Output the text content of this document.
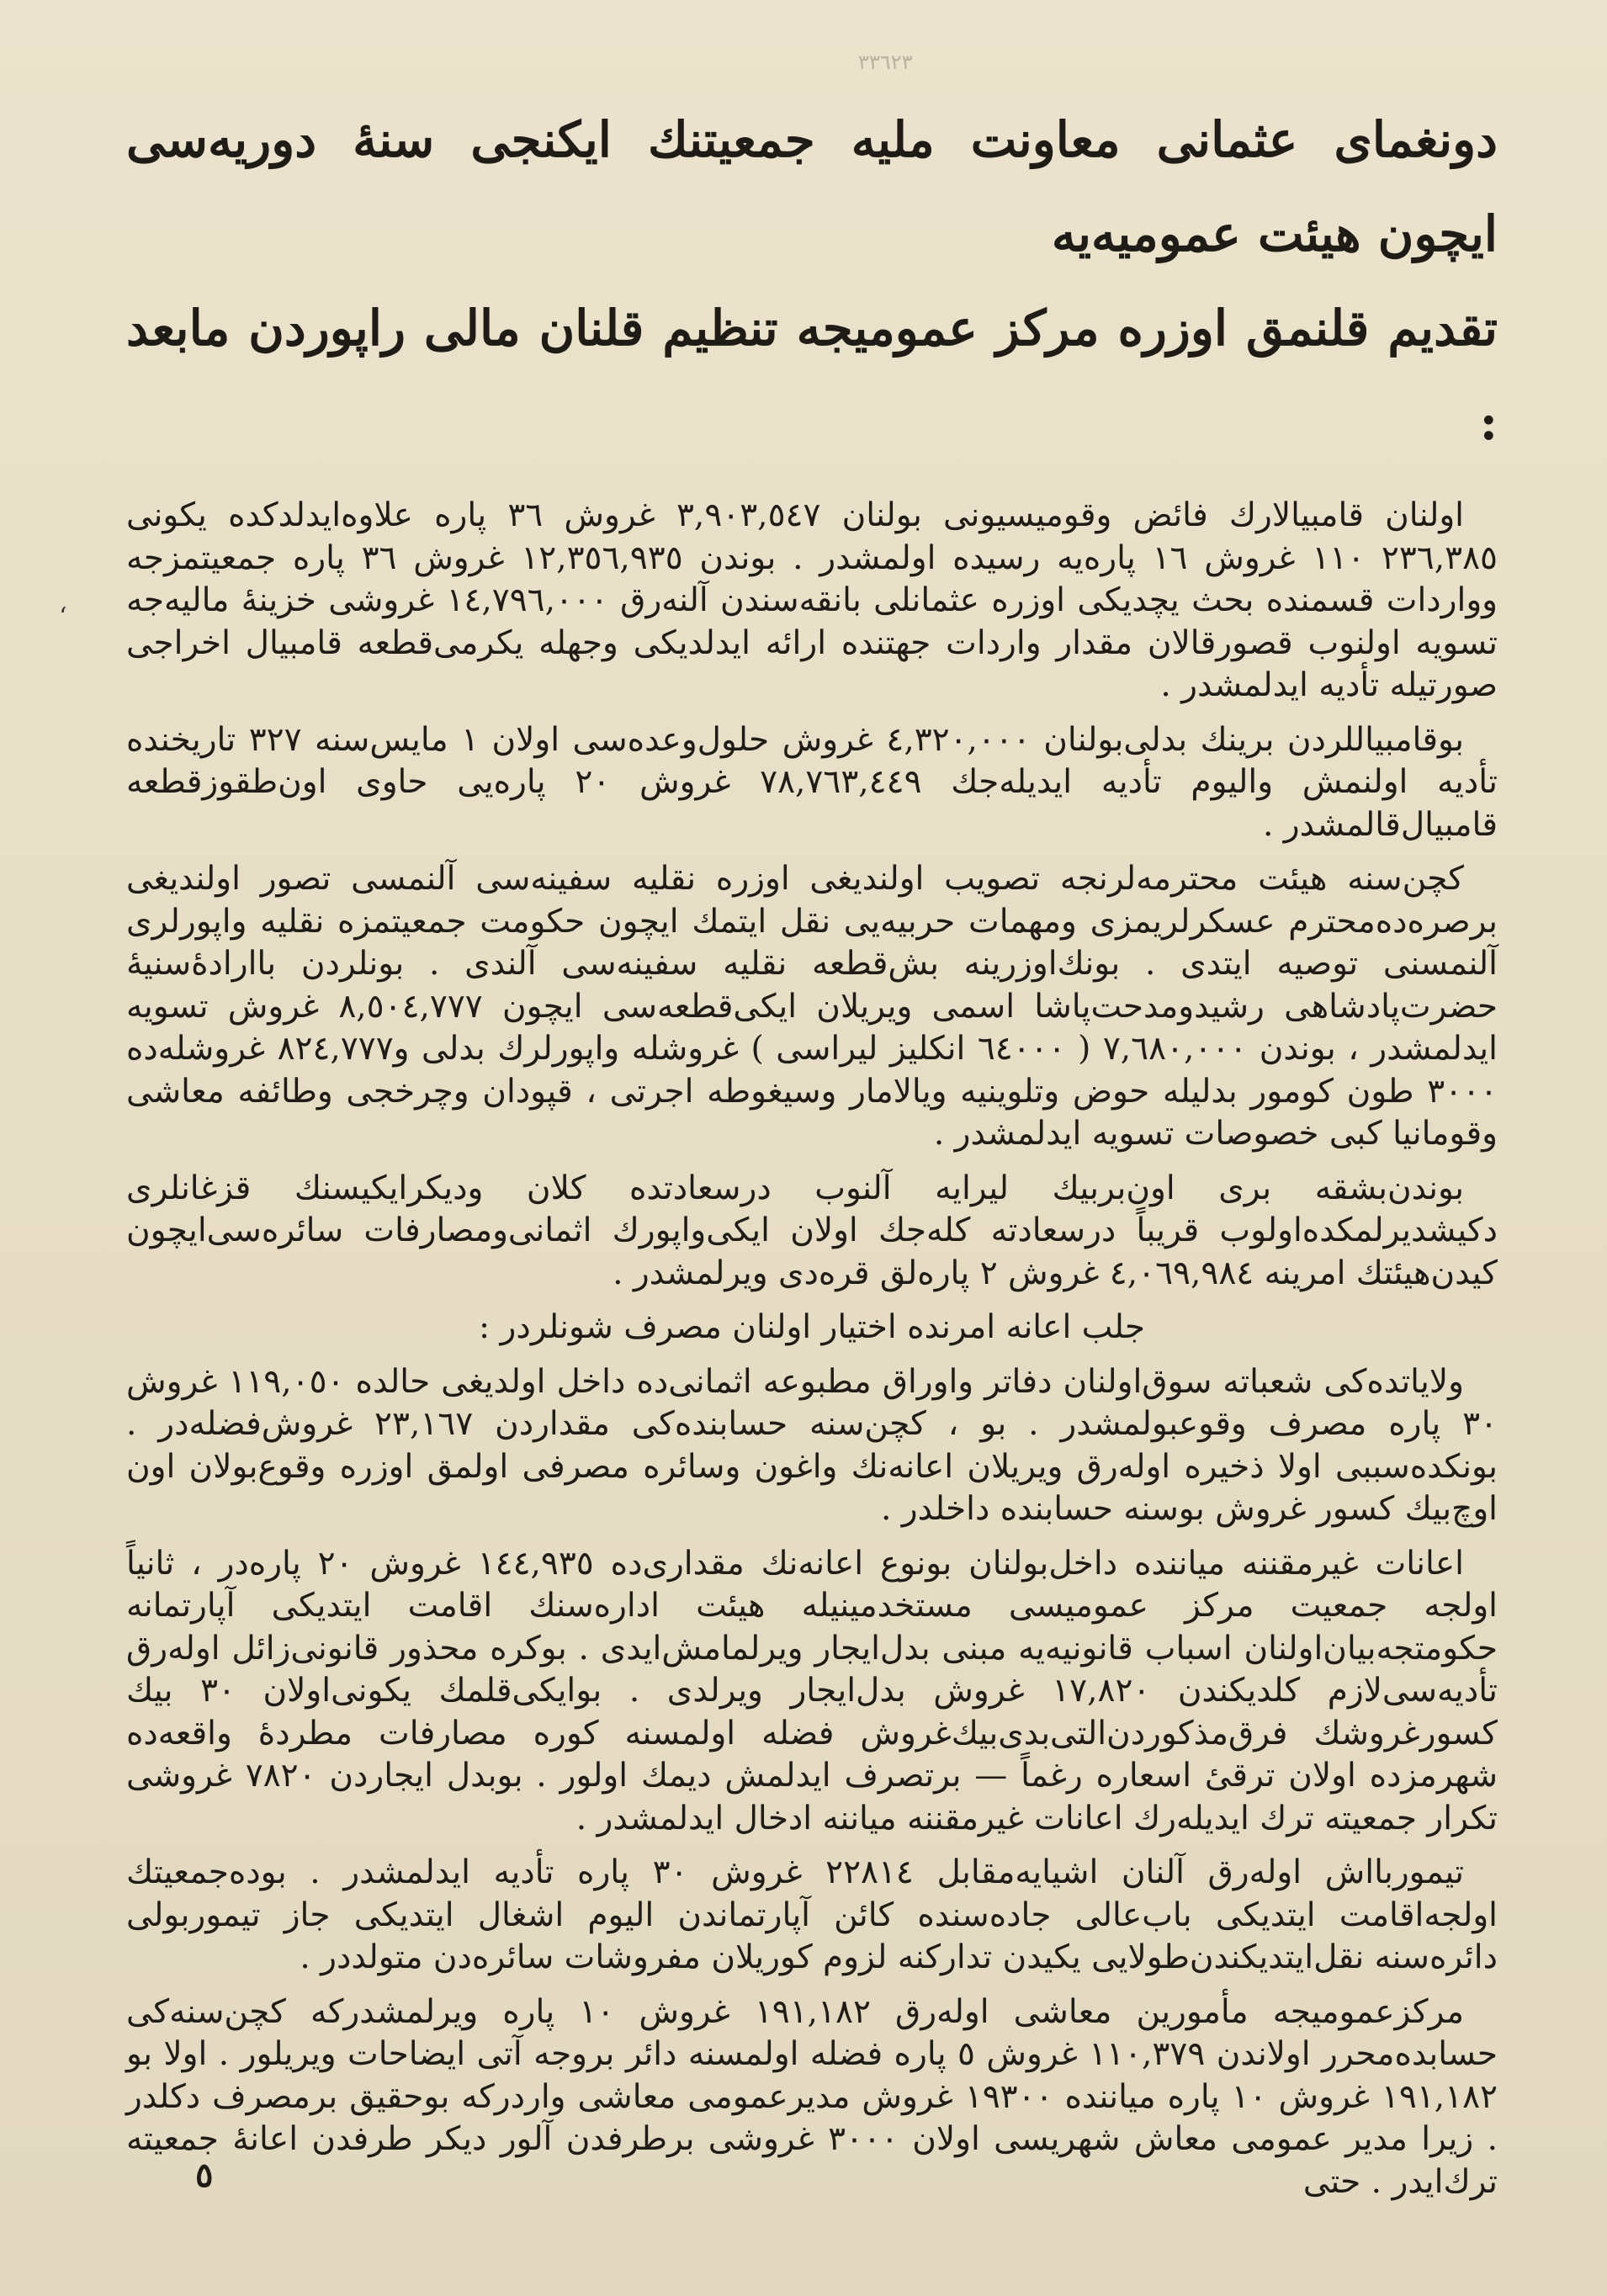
٣٣٦٢٣
دونغمای عثمانی معاونت ملیه جمعیتنك ایكنجی سنهٔ دوریه‌سی ایچون هیئت عمومیه‌یه
تقدیم قلنمق اوزره مرکز عمومیجه تنظیم قلنان مالی راپوردن مابعد :

اولنان قامبیالارك فائض وقومیسیونی بولنان ٣,٩٠٣,٥٤٧ غروش ٣٦ پاره علاوه‌ایدلدكده یکونی ٢٣٦,٣٨٥ ١١٠ غروش ١٦ پاره‌یه رسیده اولمشدر . بوندن ١٢,٣٥٦,٩٣٥ غروش ٣٦ پاره جمعیتمزجه وواردات قسمنده بحث یچدیکی اوزره عثمانلی بانقه‌سندن آلنه‌رق ١٤,٧٩٦,٠٠٠ غروشی خزینهٔ مالیه‌جه تسویه اولنوب قصورقالان مقدار واردات جهتنده ارائه ایدلدیکی وجهله یکرمی‌قطعه قامبیال اخراجی صورتیله تأدیه ایدلمشدر .

بوقامبیاللردن برینك بدلی‌بولنان ٤,٣٢٠,٠٠٠ غروش حلول‌وعده‌سی اولان ١ مایس‌سنه ٣٢٧ تاریخنده تأدیه اولنمش والیوم تأدیه ایدیله‌جك ٧٨,٧٦٣,٤٤٩ غروش ٢٠ پاره‌یی حاوی اون‌طقوزقطعه قامبیال‌قالمشدر .

کچن‌سنه هیئت محترمه‌لرنجه تصویب اولندیغی اوزره نقلیه سفینه‌سی آلنمسی تصور اولندیغی برصره‌ده‌محترم عسکرلریمزی ومهمات حربیه‌یی نقل ایتمك ایچون حکومت جمعیتمزه نقلیه واپورلری آلنمسنی توصیه ایتدی . بونك‌اوزرینه بش‌قطعه نقلیه سفینه‌سی آلندی . بونلردن باارادهٔ‌سنیهٔ حضرت‌پادشاهی رشیدومدحت‌پاشا اسمی ویریلان ایکی‌قطعه‌سی ایچون ٨,٥٠٤,٧٧٧ غروش تسویه ایدلمشدر ، بوندن ٧,٦٨٠,٠٠٠ ( ٦٤٠٠٠ انکلیز لیراسی ) غروشله واپورلرك بدلی و٨٢٤,٧٧٧ غروشله‌ده ٣٠٠٠ طون کومور بدلیله حوض وتلوینیه ویالامار وسیغوطه اجرتی ، قپودان وچرخجی وطائفه معاشی وقومانیا کبی خصوصات تسویه ایدلمشدر .

بوندن‌بشقه بری اون‌بربیك لیرایه آلنوب درسعادتده کلان ودیکرایکیسنك قزغانلری دکیشدیرلمکده‌اولوب قریباً درسعادته کله‌جك اولان ایکی‌واپورك اثمانی‌ومصارفات سائره‌سی‌ایچون کیدن‌هیئتك امرینه ٤,٠٦٩,٩٨٤ غروش ٢ پاره‌لق قره‌دی ویرلمشدر .

جلب اعانه امرنده اختیار اولنان مصرف شونلردر :

ولایاتده‌کی شعباته سوق‌اولنان دفاتر واوراق مطبوعه اثمانی‌ده داخل اولدیغی حالده ١١٩,٠٥٠ غروش ٣٠ پاره مصرف وقوعبولمشدر . بو ، کچن‌سنه حسابنده‌کی مقداردن ٢٣,١٦٧ غروش‌فضله‌در . بونکده‌سببی اولا ذخیره اوله‌رق ویریلان اعانه‌نك واغون وسائره مصرفی اولمق اوزره وقوع‌بولان اون اوچ‌بیك کسور غروش بوسنه حسابنده داخلدر .

اعانات غیرمقننه میاننده داخل‌بولنان بونوع اعانه‌نك مقداری‌ده ١٤٤,٩٣٥ غروش ٢٠ پاره‌در ، ثانیاً اولجه جمعیت مرکز عمومیسی مستخدمینیله هیئت اداره‌سنك اقامت ایتدیکی آپارتمانه حکومتجه‌بیان‌اولنان اسباب قانونیه‌یه مبنی بدل‌ایجار ویرلمامش‌ایدی . بوکره محذور قانونی‌زائل اوله‌رق تأدیه‌سی‌لازم کلدیکندن ١٧,٨٢٠ غروش بدل‌ایجار ویرلدی . بوایکی‌قلمك یکونی‌اولان ٣٠ بیك کسورغروشك فرق‌مذکوردن‌التی‌بدی‌بیك‌غروش فضله اولمسنه کوره مصارفات مطردهٔ واقعه‌ده شهرمزده اولان ترقیٔ اسعاره رغماً — برتصرف ایدلمش دیمك اولور . بوبدل ایجاردن ٧٨٢٠ غروشی تکرار جمعیته ترك ایدیله‌رك اعانات غیرمقننه میاننه ادخال ایدلمشدر .

تیموربااش اوله‌رق آلنان اشیایه‌مقابل ٢٢٨١٤ غروش ٣٠ پاره تأدیه ایدلمشدر . بوده‌جمعیتك اولجه‌اقامت ایتدیکی باب‌عالی جاده‌سنده کائن آپارتماندن الیوم اشغال ایتدیکی جاز تیموربولی دائره‌سنه نقل‌ایتدیکندن‌طولایی یکیدن تدارکنه لزوم کوریلان مفروشات سائره‌دن متولددر .

مرکزعمومیجه مأمورین معاشی اوله‌رق ١٩١,١٨٢ غروش ١٠ پاره ویرلمشدرکه کچن‌سنه‌کی حسابده‌محرر اولاندن ١١٠,٣٧٩ غروش ٥ پاره فضله اولمسنه دائر بروجه آتی ایضاحات ویریلور . اولا بو ١٩١,١٨٢ غروش ١٠ پاره میاننده ١٩٣٠٠ غروش مدیرعمومی معاشی واردرکه بوحقیق برمصرف دکلدر . زیرا مدیر عمومی معاش شهریسی اولان ٣٠٠٠ غروشی برطرفدن آلور دیکر طرفدن اعانهٔ جمعیته ترك‌ایدر . حتی

ʻ
٥
